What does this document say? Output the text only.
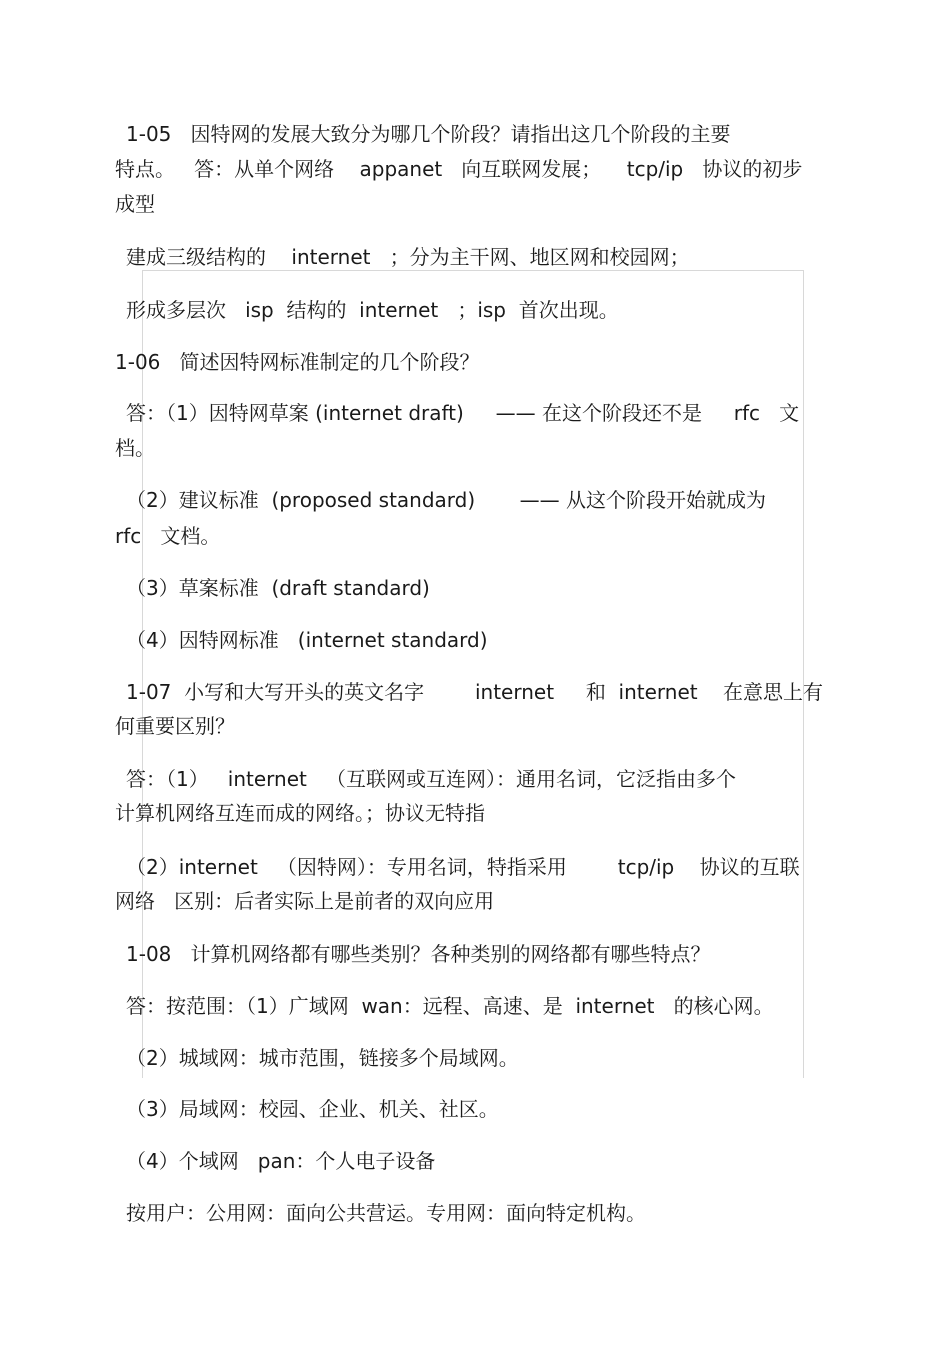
1-05   因特网的发展大致分为哪几个阶段？请指出这几个阶段的主要
特点。   答：从单个网络    appanet   向互联网发展；    tcp/ip   协议的初步
成型
建成三级结构的    internet   ；分为主干网、地区网和校园网；
形成多层次   isp  结构的  internet   ；isp  首次出现。
1-06   简述因特网标准制定的几个阶段？
答：（1）因特网草案 (internet draft)     —— 在这个阶段还不是     rfc   文
档。
（2）建议标准  (proposed standard)       —— 从这个阶段开始就成为
rfc   文档。
（3）草案标准  (draft standard)
（4）因特网标准   (internet standard)
1-07  小写和大写开头的英文名字        internet     和  internet    在意思上有
何重要区别？
答：（1）   internet   （互联网或互连网）：通用名词，它泛指由多个
计算机网络互连而成的网络。；协议无特指
（2）internet   （因特网）：专用名词，特指采用        tcp/ip    协议的互联
网络   区别：后者实际上是前者的双向应用
1-08   计算机网络都有哪些类别？各种类别的网络都有哪些特点？
答：按范围：（1）广域网  wan：远程、高速、是  internet   的核心网。
（2）城域网：城市范围，链接多个局域网。
（3）局域网：校园、企业、机关、社区。
（4）个域网   pan：个人电子设备
按用户：公用网：面向公共营运。专用网：面向特定机构。
